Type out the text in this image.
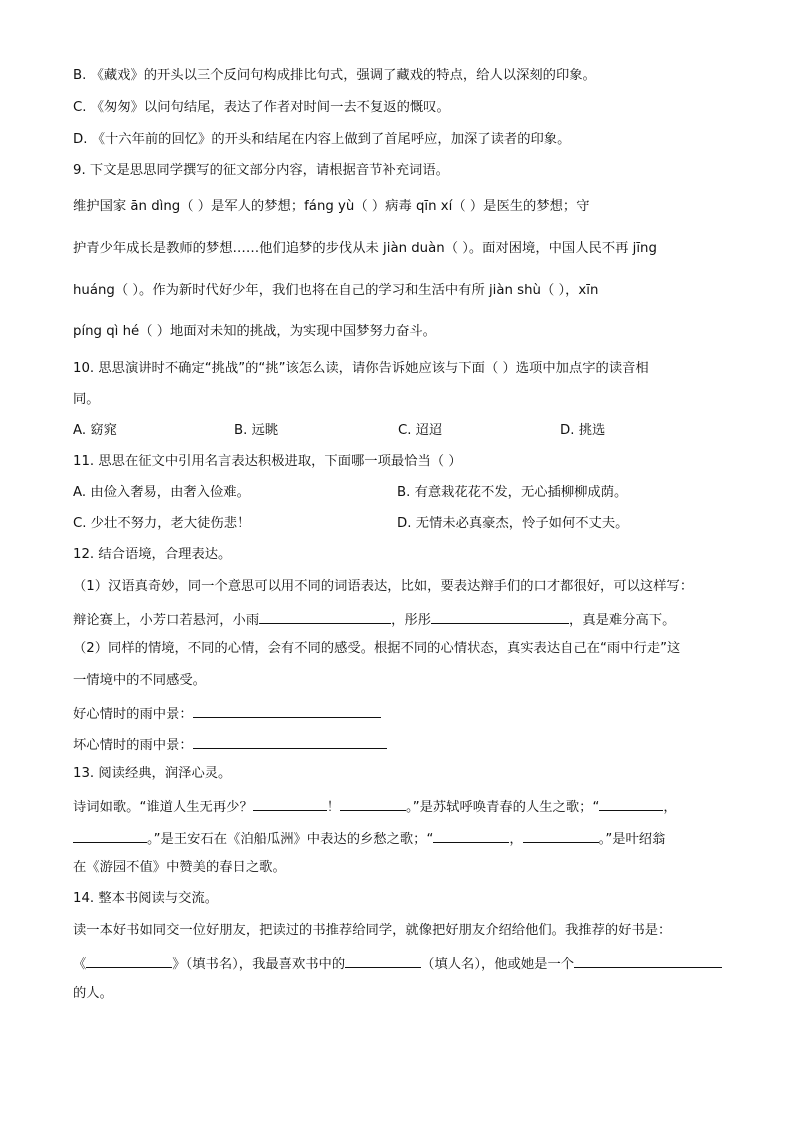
B. 《藏戏》的开头以三个反问句构成排比句式，强调了藏戏的特点，给人以深刻的印象。
C. 《匆匆》以问句结尾，表达了作者对时间一去不复返的慨叹。
D. 《十六年前的回忆》的开头和结尾在内容上做到了首尾呼应，加深了读者的印象。
9. 下文是思思同学撰写的征文部分内容，请根据音节补充词语。
维护国家 ān dìng（ ）是军人的梦想；fáng yù（ ）病毒 qīn xí（ ）是医生的梦想；守
护青少年成长是教师的梦想……他们追梦的步伐从未 jiàn duàn（ ）。面对困境，中国人民不再 jīng
huáng（ ）。作为新时代好少年，我们也将在自己的学习和生活中有所 jiàn shù（ ），xīn
píng qì hé（ ）地面对未知的挑战，为实现中国梦努力奋斗。
10. 思思演讲时不确定“挑战”的“挑”该怎么读，请你告诉她应该与下面（ ）选项中加点字的读音相
同。
A. 窈窕	B. 远眺	C. 迢迢	D. 挑选
11. 思思在征文中引用名言表达积极进取，下面哪一项最恰当（ ）
A. 由俭入奢易，由奢入俭难。	B. 有意栽花花不发，无心插柳柳成荫。
C. 少壮不努力，老大徒伤悲！	D. 无情未必真豪杰，怜子如何不丈夫。
12. 结合语境，合理表达。
（1）汉语真奇妙，同一个意思可以用不同的词语表达，比如，要表达辩手们的口才都很好，可以这样写：
辩论赛上，小芳口若悬河，小雨	，彤彤	，真是难分高下。
（2）同样的情境，不同的心情，会有不同的感受。根据不同的心情状态，真实表达自己在“雨中行走”这
一情境中的不同感受。
好心情时的雨中景：
坏心情时的雨中景：
13. 阅读经典，润泽心灵。
诗词如歌。“谁道人生无再少？	！	。”是苏轼呼唤青春的人生之歌；“	，
。”是王安石在《泊船瓜洲》中表达的乡愁之歌；“	，	。”是叶绍翁
在《游园不值》中赞美的春日之歌。
14. 整本书阅读与交流。
读一本好书如同交一位好朋友，把读过的书推荐给同学，就像把好朋友介绍给他们。我推荐的好书是：
《	》（填书名），我最喜欢书中的	（填人名），他或她是一个
的人。
